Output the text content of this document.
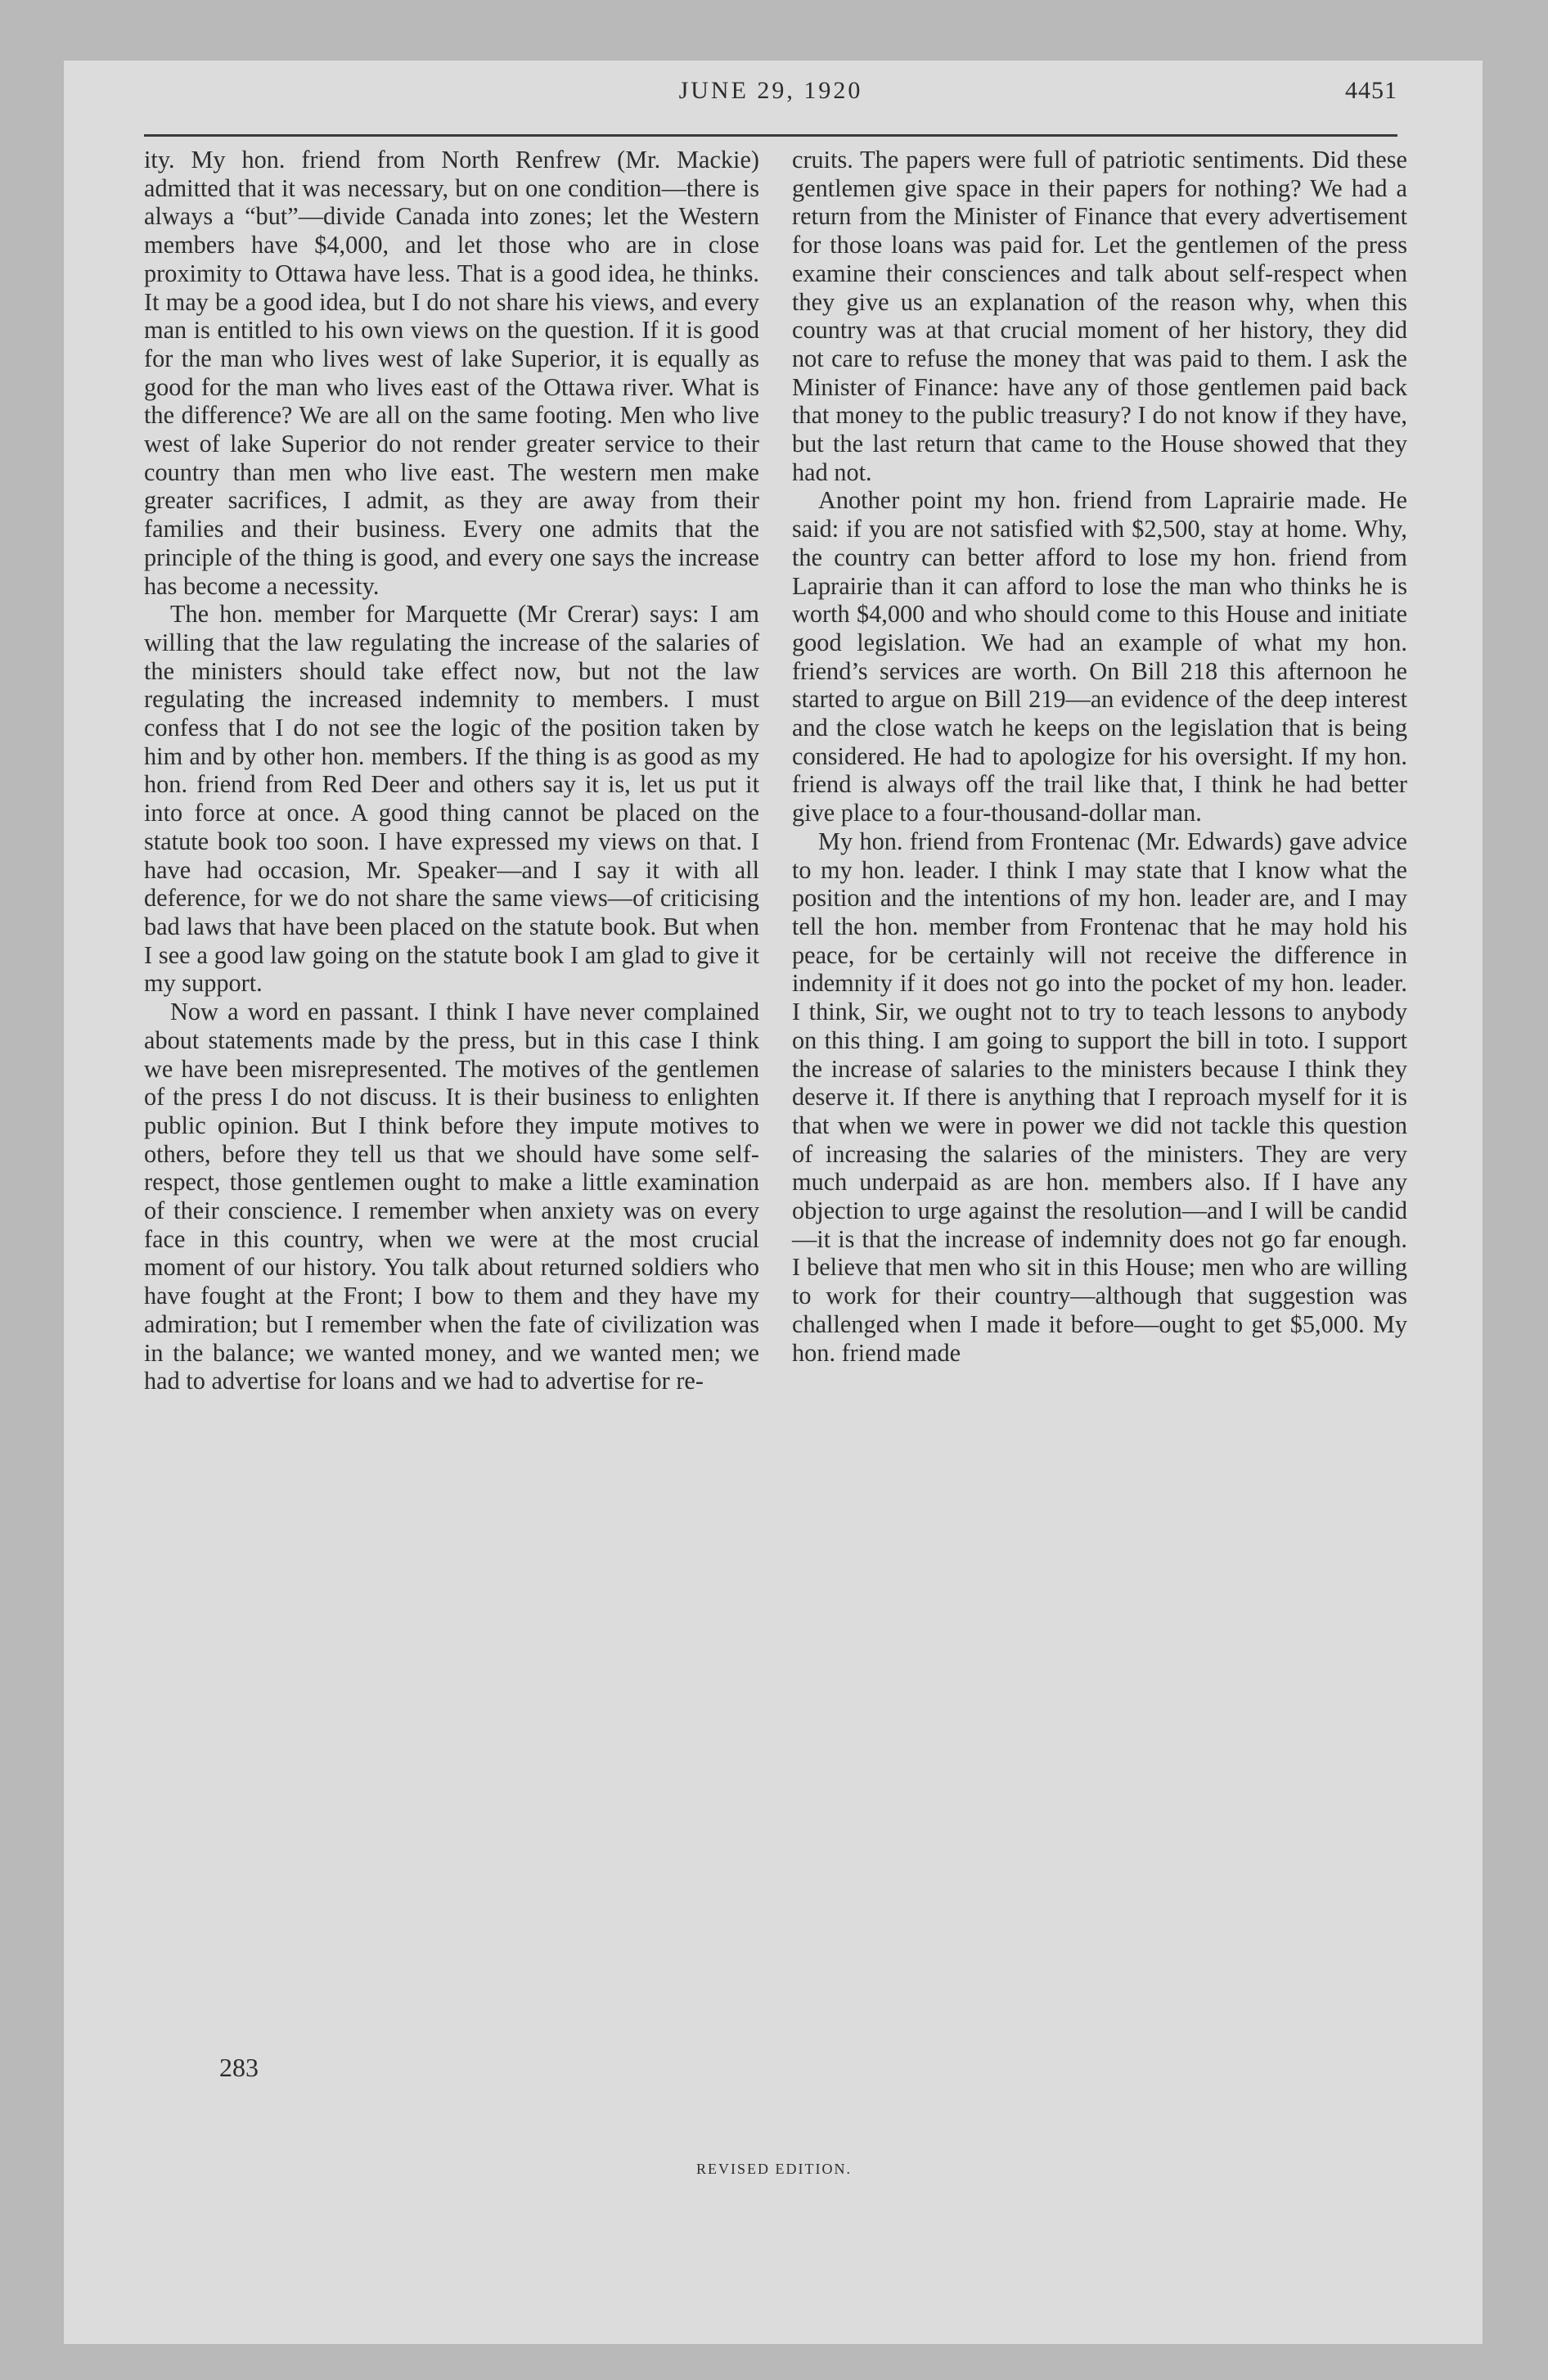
JUNE 29, 1920	4451

ity. My hon. friend from North Renfrew (Mr. Mackie) admitted that it was necessary, but on one condition—there is always a “but”—divide Canada into zones; let the Western members have $4,000, and let those who are in close proximity to Ottawa have less. That is a good idea, he thinks. It may be a good idea, but I do not share his views, and every man is entitled to his own views on the question. If it is good for the man who lives west of lake Superior, it is equally as good for the man who lives east of the Ottawa river. What is the difference? We are all on the same footing. Men who live west of lake Superior do not render greater service to their country than men who live east. The western men make greater sacrifices, I admit, as they are away from their families and their business. Every one admits that the principle of the thing is good, and every one says the increase has become a necessity.

The hon. member for Marquette (Mr Crerar) says: I am willing that the law regulating the increase of the salaries of the ministers should take effect now, but not the law regulating the increased indemnity to members. I must confess that I do not see the logic of the position taken by him and by other hon. members. If the thing is as good as my hon. friend from Red Deer and others say it is, let us put it into force at once. A good thing cannot be placed on the statute book too soon. I have expressed my views on that. I have had occasion, Mr. Speaker—and I say it with all deference, for we do not share the same views—of criticising bad laws that have been placed on the statute book. But when I see a good law going on the statute book I am glad to give it my support.

Now a word en passant. I think I have never complained about statements made by the press, but in this case I think we have been misrepresented. The motives of the gentlemen of the press I do not discuss. It is their business to enlighten public opinion. But I think before they impute motives to others, before they tell us that we should have some self-respect, those gentlemen ought to make a little examination of their conscience. I remember when anxiety was on every face in this country, when we were at the most crucial moment of our history. You talk about returned soldiers who have fought at the Front; I bow to them and they have my admiration; but I remember when the fate of civilization was in the balance; we wanted money, and we wanted men; we had to advertise for loans and we had to advertise for re-

283

cruits. The papers were full of patriotic sentiments. Did these gentlemen give space in their papers for nothing? We had a return from the Minister of Finance that every advertisement for those loans was paid for. Let the gentlemen of the press examine their consciences and talk about self-respect when they give us an explanation of the reason why, when this country was at that crucial moment of her history, they did not care to refuse the money that was paid to them. I ask the Minister of Finance: have any of those gentlemen paid back that money to the public treasury? I do not know if they have, but the last return that came to the House showed that they had not.

Another point my hon. friend from Laprairie made. He said: if you are not satisfied with $2,500, stay at home. Why, the country can better afford to lose my hon. friend from Laprairie than it can afford to lose the man who thinks he is worth $4,000 and who should come to this House and initiate good legislation. We had an example of what my hon. friend’s services are worth. On Bill 218 this afternoon he started to argue on Bill 219—an evidence of the deep interest and the close watch he keeps on the legislation that is being considered. He had to apologize for his oversight. If my hon. friend is always off the trail like that, I think he had better give place to a four-thousand-dollar man.

My hon. friend from Frontenac (Mr. Edwards) gave advice to my hon. leader. I think I may state that I know what the position and the intentions of my hon. leader are, and I may tell the hon. member from Frontenac that he may hold his peace, for be certainly will not receive the difference in indemnity if it does not go into the pocket of my hon. leader. I think, Sir, we ought not to try to teach lessons to anybody on this thing. I am going to support the bill in toto. I support the increase of salaries to the ministers because I think they deserve it. If there is anything that I reproach myself for it is that when we were in power we did not tackle this question of increasing the salaries of the ministers. They are very much underpaid as are hon. members also. If I have any objection to urge against the resolution—and I will be candid—it is that the increase of indemnity does not go far enough. I believe that men who sit in this House; men who are willing to work for their country—although that suggestion was challenged when I made it before—ought to get $5,000. My hon. friend made

REVISED EDITION.
